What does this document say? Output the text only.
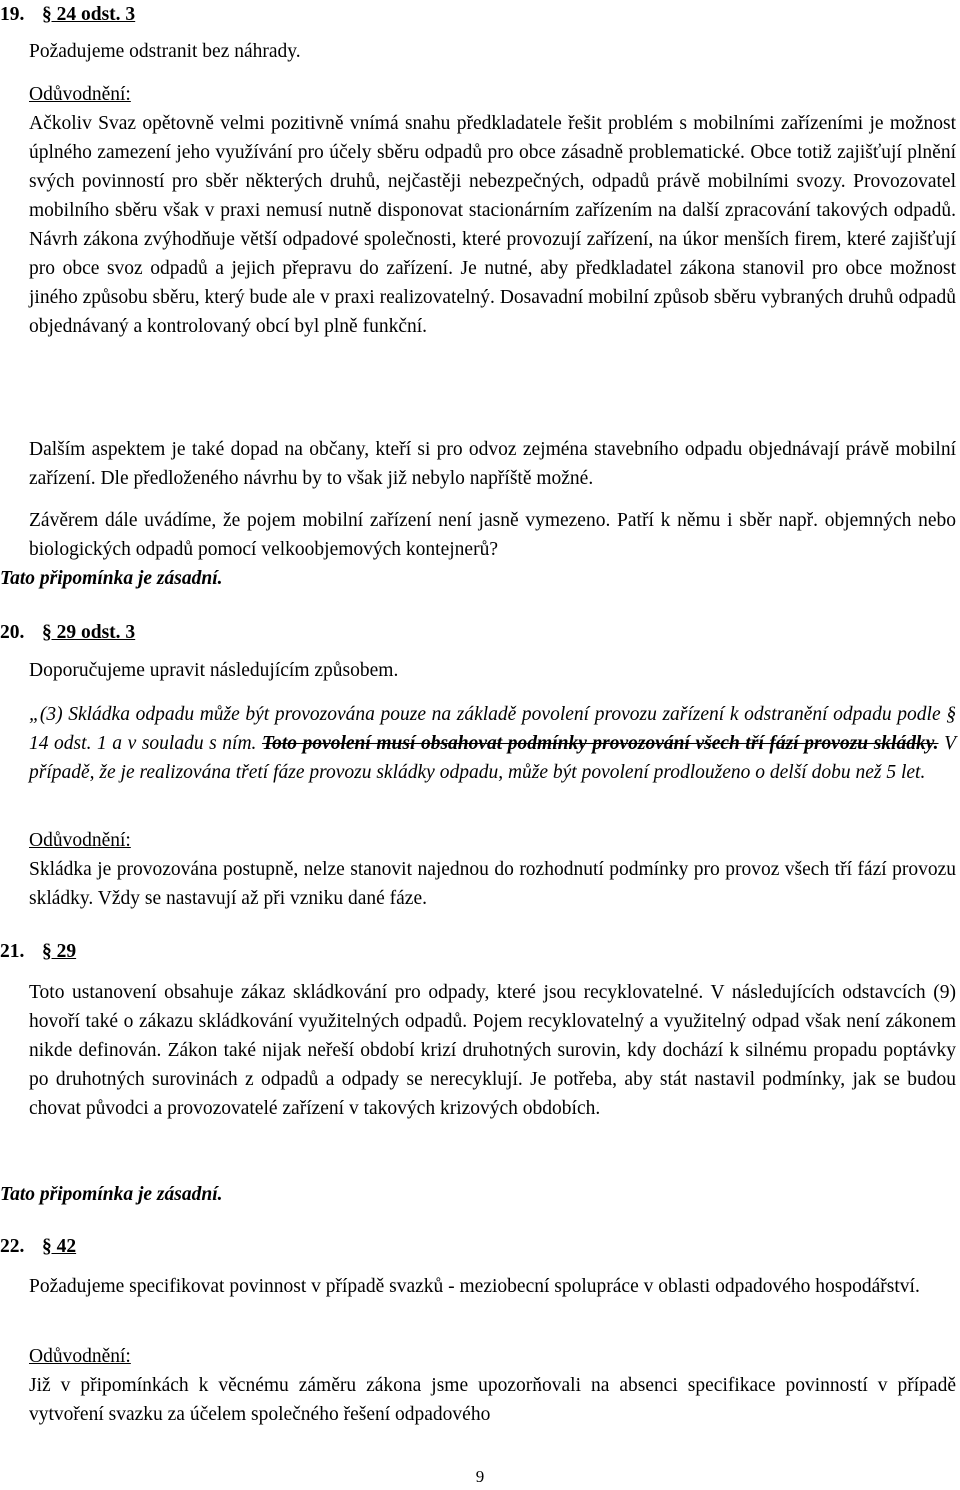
19. § 24 odst. 3

Požadujeme odstranit bez náhrady.

Odůvodnění:

Ačkoliv Svaz opětovně velmi pozitivně vnímá snahu předkladatele řešit problém s mobilními zařízeními je možnost úplného zamezení jeho využívání pro účely sběru odpadů pro obce zásadně problematické. Obce totiž zajišťují plnění svých povinností pro sběr některých druhů, nejčastěji nebezpečných, odpadů právě mobilními svozy. Provozovatel mobilního sběru však v praxi nemusí nutně disponovat stacionárním zařízením na další zpracování takových odpadů. Návrh zákona zvýhodňuje větší odpadové společnosti, které provozují zařízení, na úkor menších firem, které zajišťují pro obce svoz odpadů a jejich přepravu do zařízení. Je nutné, aby předkladatel zákona stanovil pro obce možnost jiného způsobu sběru, který bude ale v praxi realizovatelný. Dosavadní mobilní způsob sběru vybraných druhů odpadů objednávaný a kontrolovaný obcí byl plně funkční.

Dalším aspektem je také dopad na občany, kteří si pro odvoz zejména stavebního odpadu objednávají právě mobilní zařízení. Dle předloženého návrhu by to však již nebylo napříště možné.

Závěrem dále uvádíme, že pojem mobilní zařízení není jasně vymezeno. Patří k němu i sběr např. objemných nebo biologických odpadů pomocí velkoobjemových kontejnerů?

Tato připomínka je zásadní.

20. § 29 odst. 3

Doporučujeme upravit následujícím způsobem.

„(3) Skládka odpadu může být provozována pouze na základě povolení provozu zařízení k odstranění odpadu podle § 14 odst. 1 a v souladu s ním. Toto povolení musí obsahovat podmínky provozování všech tří fází provozu skládky. V případě, že je realizována třetí fáze provozu skládky odpadu, může být povolení prodlouženo o delší dobu než 5 let.

Odůvodnění:

Skládka je provozována postupně, nelze stanovit najednou do rozhodnutí podmínky pro provoz všech tří fází provozu skládky. Vždy se nastavují až při vzniku dané fáze.

21. § 29

Toto ustanovení obsahuje zákaz skládkování pro odpady, které jsou recyklovatelné. V následujících odstavcích (9) hovoří také o zákazu skládkování využitelných odpadů. Pojem recyklovatelný a využitelný odpad však není zákonem nikde definován. Zákon také nijak neřeší období krizí druhotných surovin, kdy dochází k silnému propadu poptávky po druhotných surovinách z odpadů a odpady se nerecyklují. Je potřeba, aby stát nastavil podmínky, jak se budou chovat původci a provozovatelé zařízení v takových krizových obdobích.

Tato připomínka je zásadní.

22. § 42

Požadujeme specifikovat povinnost v případě svazků - meziobecní spolupráce v oblasti odpadového hospodářství.

Odůvodnění:

Již v připomínkách k věcnému záměru zákona jsme upozorňovali na absenci specifikace povinností v případě vytvoření svazku za účelem společného řešení odpadového

9
